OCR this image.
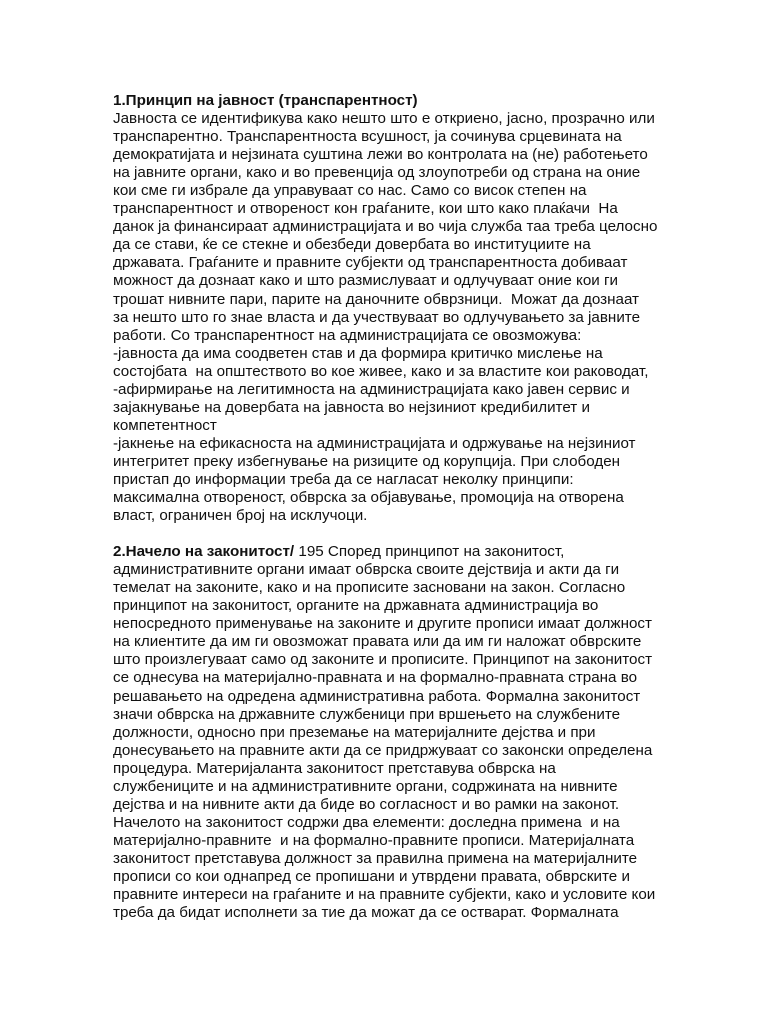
1.Принцип на јавност (транспарентност)
Јавноста се идентификува како нешто што е откриено, јасно, прозрачно или
транспарентно. Транспарентноста всушност, ја сочинува срцевината на
демократијата и нејзината суштина лежи во контролата на (не) работењето
на јавните органи, како и во превенција од злоупотреби од страна на оние
кои сме ги избрале да управуваат со нас. Само со висок степен на
транспарентност и отвореност кон граѓаните, кои што како плаќачи  На
данок ја финансираат администрацијата и во чија служба таа треба целосно
да се стави, ќе се стекне и обезбеди довербата во институциите на
државата. Граѓаните и правните субјекти од транспарентноста добиваат
можност да дознаат како и што размислуваат и одлучуваат оние кои ги
трошат нивните пари, парите на даночните обврзници.  Можат да дознаат
за нешто што го знае власта и да учествуваат во одлучувањето за јавните
работи. Со транспарентност на администрацијата се овозможува:
-јавноста да има соодветен став и да формира критичко мислење на
состојбата  на општеството во кое живее, како и за властите кои раководат,
-афирмирање на легитимноста на администрацијата како јавен сервис и
зајакнување на довербата на јавноста во нејзиниот кредибилитет и
компетентност
-јакнење на ефикасноста на администрацијата и одржување на нејзиниот
интегритет преку избегнување на ризиците од корупција. При слободен
пристап до информации треба да се нагласат неколку принципи:
максимална отвореност, обврска за објавување, промоција на отворена
власт, ограничен број на исклучоци.
2.Начело на законитост/ 195 Според принципот на законитост,
административните органи имаат обврска своите дејствија и акти да ги
темелат на законите, како и на прописите засновани на закон. Согласно
принципот на законитост, органите на државната администрација во
непосредното применување на законите и другите прописи имаат должност
на клиентите да им ги овозможат правата или да им ги наложат обврските
што произлегуваат само од законите и прописите. Принципот на законитост
се однесува на материјално-правната и на формално-правната страна во
решавањето на одредена административна работа. Формална законитост
значи обврска на државните службеници при вршењето на службените
должности, односно при преземање на материјалните дејства и при
донесувањето на правните акти да се придржуваат со законски определена
процедура. Материјаланта законитост претставува обврска на
службениците и на административните органи, содржината на нивните
дејства и на нивните акти да биде во согласност и во рамки на законот.
Начелото на законитост содржи два елементи: доследна примена  и на
материјално-правните  и на формално-правните прописи. Материјалната
законитост претставува должност за правилна примена на материјалните
прописи со кои однапред се пропишани и утврдени правата, обврските и
правните интереси на граѓаните и на правните субјекти, како и условите кои
треба да бидат исполнети за тие да можат да се остварат. Формалната
